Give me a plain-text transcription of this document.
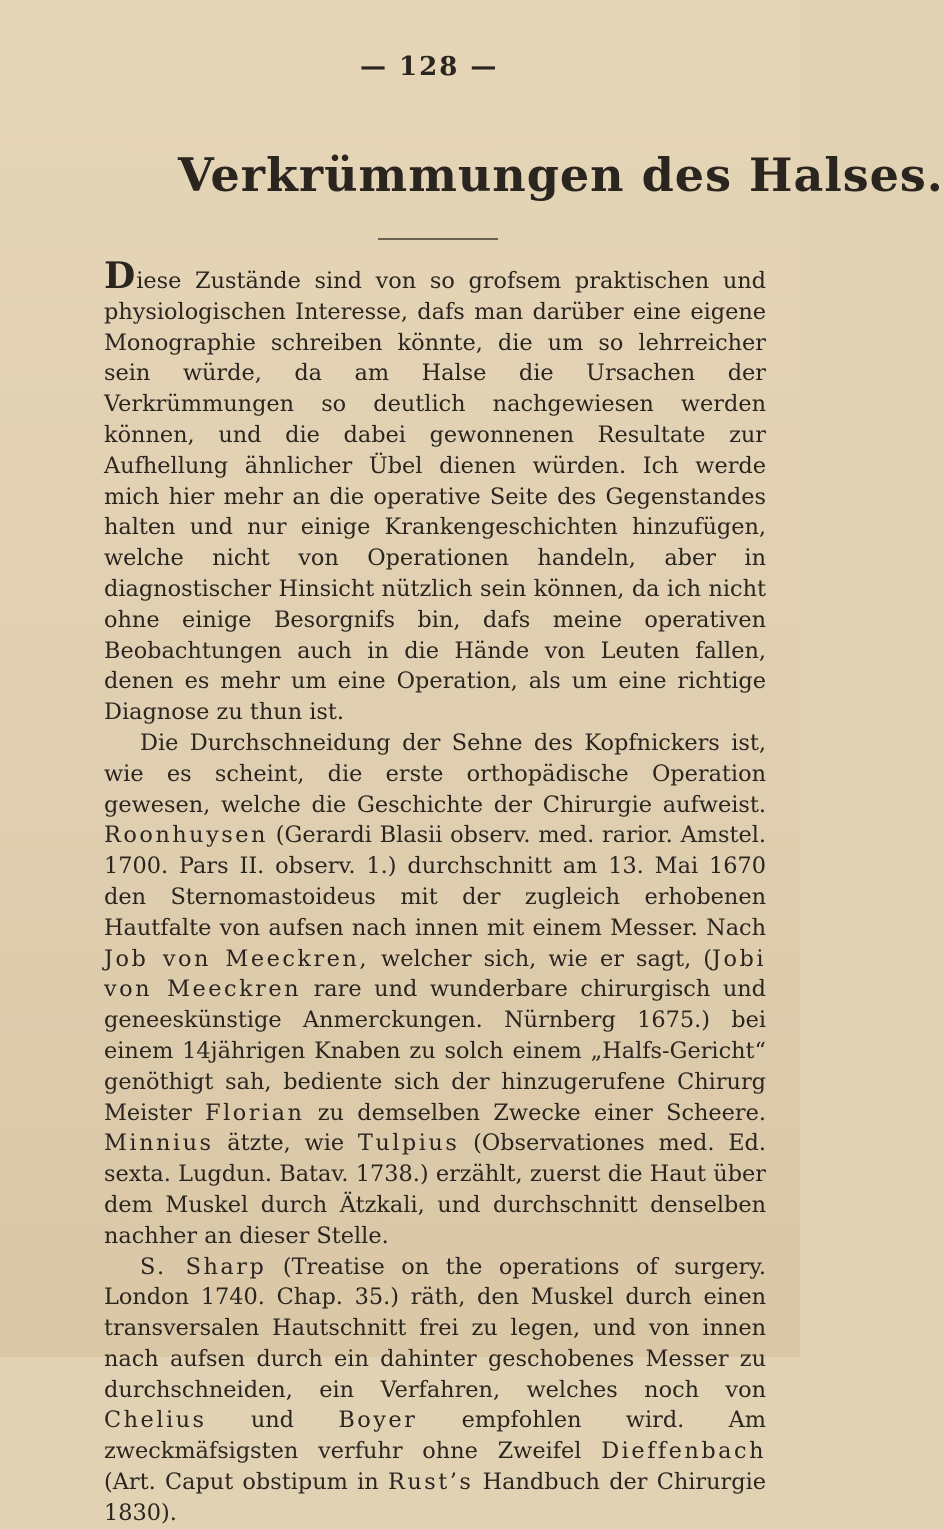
— 128 —
Verkrümmungen des Halses.

Diese Zustände sind von so grofsem praktischen und physiologischen Interesse, dafs man darüber eine eigene Monographie schreiben könnte, die um so lehrreicher sein würde, da am Halse die Ursachen der Verkrümmungen so deutlich nachgewiesen werden können, und die dabei gewonnenen Resultate zur Aufhellung ähnlicher Übel dienen würden. Ich werde mich hier mehr an die operative Seite des Gegenstandes halten und nur einige Krankengeschichten hinzufügen, welche nicht von Operationen handeln, aber in diagnostischer Hinsicht nützlich sein können, da ich nicht ohne einige Besorgnifs bin, dafs meine operativen Beobachtungen auch in die Hände von Leuten fallen, denen es mehr um eine Operation, als um eine richtige Diagnose zu thun ist.

Die Durchschneidung der Sehne des Kopfnickers ist, wie es scheint, die erste orthopädische Operation gewesen, welche die Geschichte der Chirurgie aufweist. Roonhuysen (Gerardi Blasii observ. med. rarior. Amstel. 1700. Pars II. observ. 1.) durchschnitt am 13. Mai 1670 den Sternomastoideus mit der zugleich erhobenen Hautfalte von aufsen nach innen mit einem Messer. Nach Job von Meeckren, welcher sich, wie er sagt, (Jobi von Meeckren rare und wunderbare chirurgisch und geneeskünstige Anmerckungen. Nürnberg 1675.) bei einem 14jährigen Knaben zu solch einem „Halfs-Gericht“ genöthigt sah, bediente sich der hinzugerufene Chirurg Meister Florian zu demselben Zwecke einer Scheere. Minnius ätzte, wie Tulpius (Observationes med. Ed. sexta. Lugdun. Batav. 1738.) erzählt, zuerst die Haut über dem Muskel durch Ätzkali, und durchschnitt denselben nachher an dieser Stelle.

S. Sharp (Treatise on the operations of surgery. London 1740. Chap. 35.) räth, den Muskel durch einen transversalen Hautschnitt frei zu legen, und von innen nach aufsen durch ein dahinter geschobenes Messer zu durchschneiden, ein Verfahren, welches noch von Chelius und Boyer empfohlen wird. Am zweckmäfsigsten verfuhr ohne Zweifel Dieffenbach (Art. Caput obstipum in Rust’s Handbuch der Chirurgie 1830).
